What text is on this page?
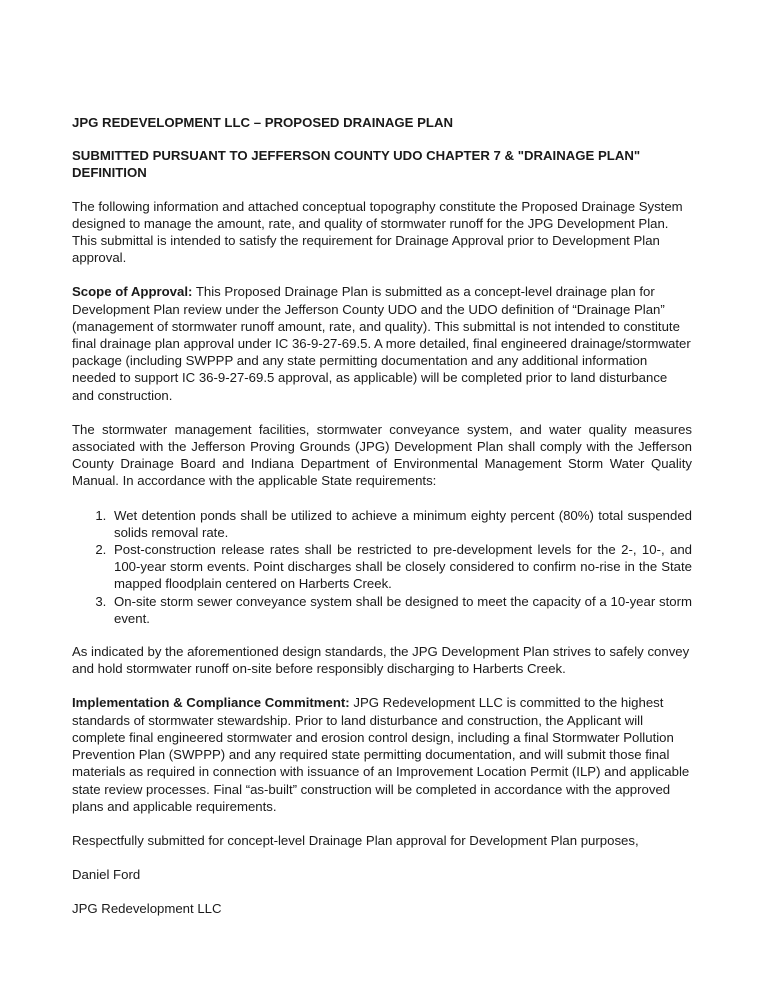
JPG REDEVELOPMENT LLC – PROPOSED DRAINAGE PLAN

SUBMITTED PURSUANT TO JEFFERSON COUNTY UDO CHAPTER 7 & "DRAINAGE PLAN" DEFINITION

The following information and attached conceptual topography constitute the Proposed Drainage System designed to manage the amount, rate, and quality of stormwater runoff for the JPG Development Plan. This submittal is intended to satisfy the requirement for Drainage Approval prior to Development Plan approval.

Scope of Approval: This Proposed Drainage Plan is submitted as a concept-level drainage plan for Development Plan review under the Jefferson County UDO and the UDO definition of “Drainage Plan” (management of stormwater runoff amount, rate, and quality). This submittal is not intended to constitute final drainage plan approval under IC 36-9-27-69.5. A more detailed, final engineered drainage/stormwater package (including SWPPP and any state permitting documentation and any additional information needed to support IC 36-9-27-69.5 approval, as applicable) will be completed prior to land disturbance and construction.

The stormwater management facilities, stormwater conveyance system, and water quality measures associated with the Jefferson Proving Grounds (JPG) Development Plan shall comply with the Jefferson County Drainage Board and Indiana Department of Environmental Management Storm Water Quality Manual. In accordance with the applicable State requirements:

1. Wet detention ponds shall be utilized to achieve a minimum eighty percent (80%) total suspended solids removal rate.
2. Post-construction release rates shall be restricted to pre-development levels for the 2-, 10-, and 100-year storm events. Point discharges shall be closely considered to confirm no-rise in the State mapped floodplain centered on Harberts Creek.
3. On-site storm sewer conveyance system shall be designed to meet the capacity of a 10-year storm event.

As indicated by the aforementioned design standards, the JPG Development Plan strives to safely convey and hold stormwater runoff on-site before responsibly discharging to Harberts Creek.

Implementation & Compliance Commitment: JPG Redevelopment LLC is committed to the highest standards of stormwater stewardship. Prior to land disturbance and construction, the Applicant will complete final engineered stormwater and erosion control design, including a final Stormwater Pollution Prevention Plan (SWPPP) and any required state permitting documentation, and will submit those final materials as required in connection with issuance of an Improvement Location Permit (ILP) and applicable state review processes. Final “as-built” construction will be completed in accordance with the approved plans and applicable requirements.

Respectfully submitted for concept-level Drainage Plan approval for Development Plan purposes,

Daniel Ford

JPG Redevelopment LLC
